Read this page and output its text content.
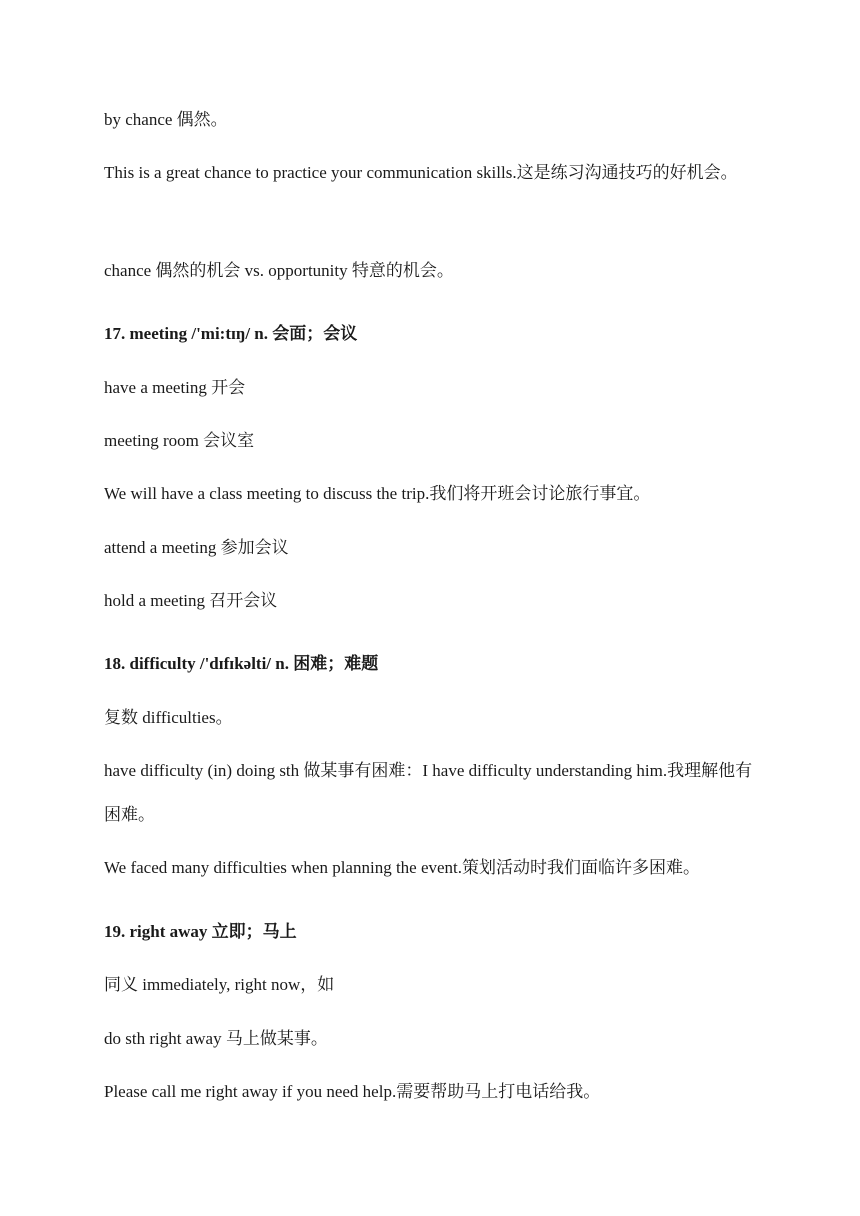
by chance 偶然。

This is a great chance to practice your communication skills.这是练习沟通技巧的好机会。

chance 偶然的机会 vs. opportunity 特意的机会。

17. meeting /'mi:tɪŋ/ n. 会面；会议

have a meeting 开会

meeting room 会议室

We will have a class meeting to discuss the trip.我们将开班会讨论旅行事宜。

attend a meeting 参加会议

hold a meeting 召开会议

18. difficulty /'dɪfɪkəlti/ n. 困难；难题

复数 difficulties。

have difficulty (in) doing sth 做某事有困难：I have difficulty understanding him.我理解他有困难。

We faced many difficulties when planning the event.策划活动时我们面临许多困难。

19. right away 立即；马上

同义 immediately, right now，如

do sth right away 马上做某事。

Please call me right away if you need help.需要帮助马上打电话给我。
